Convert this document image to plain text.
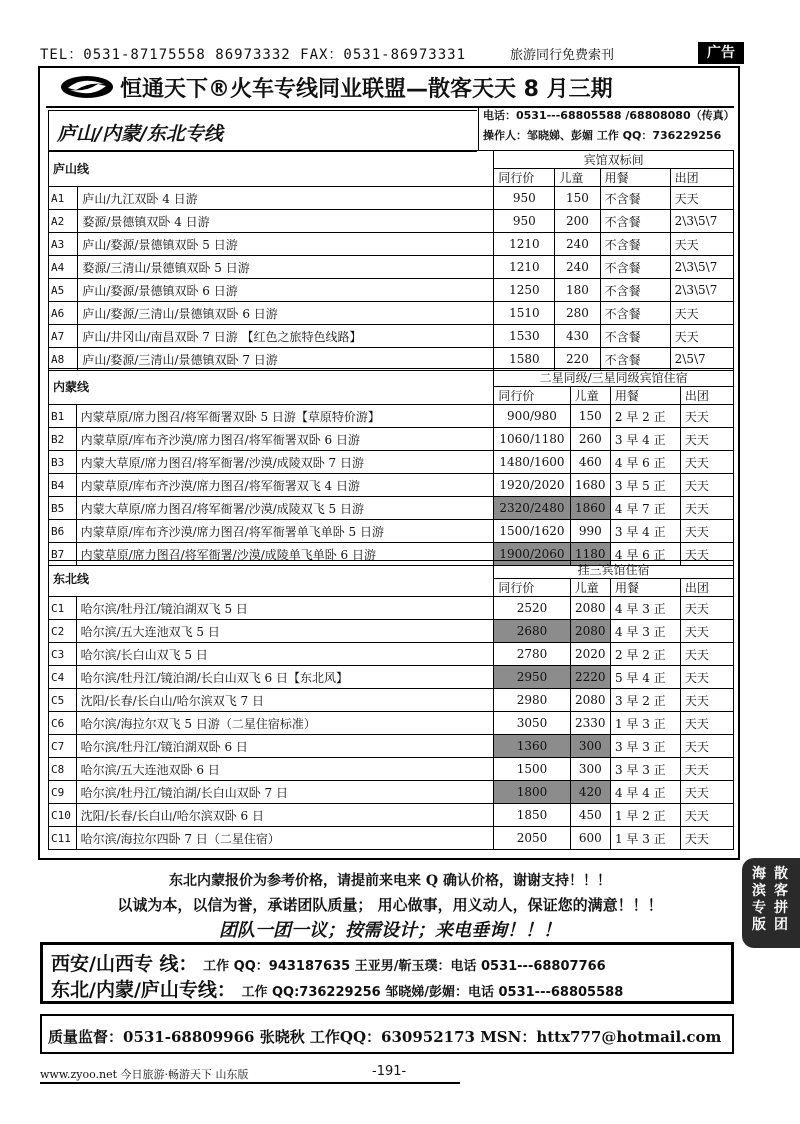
TEL：0531-87175558 86973332 FAX：0531-86973331	旅游同行免费索刊	广告
恒通天下®火车专线同业联盟—散客天天 8 月三期
庐山/内蒙/东北专线
电话：0531---68805588 /68808080（传真）
操作人：邹晓娣、彭媚 工作 QQ：736229256
庐山线		宾馆双标间			
		同行价	儿童	用餐	出团
A1	庐山/九江双卧 4 日游	950	150	不含餐	天天
A2	婺源/景德镇双卧 4 日游	950	200	不含餐	2\3\5\7
A3	庐山/婺源/景德镇双卧 5 日游	1210	240	不含餐	天天
A4	婺源/三清山/景德镇双卧 5 日游	1210	240	不含餐	2\3\5\7
A5	庐山/婺源/景德镇双卧 6 日游	1250	180	不含餐	2\3\5\7
A6	庐山/婺源/三清山/景德镇双卧 6 日游	1510	280	不含餐	天天
A7	庐山/井冈山/南昌双卧 7 日游 【红色之旅特色线路】	1530	430	不含餐	天天
A8	庐山/婺源/三清山/景德镇双卧 7 日游	1580	220	不含餐	2\5\7
内蒙线		二星同级/三星同级宾馆住宿			
		同行价	儿童	用餐	出团
B1	内蒙草原/席力图召/将军衙署双卧 5 日游【草原特价游】	900/980	150	2 早 2 正	天天
B2	内蒙草原/库布齐沙漠/席力图召/将军衙署双卧 6 日游	1060/1180	260	3 早 4 正	天天
B3	内蒙大草原/席力图召/将军衙署/沙漠/成陵双卧 7 日游	1480/1600	460	4 早 6 正	天天
B4	内蒙草原/库布齐沙漠/席力图召/将军衙署双飞 4 日游	1920/2020	1680	3 早 5 正	天天
B5	内蒙大草原/席力图召/将军衙署/沙漠/成陵双飞 5 日游	2320/2480	1860	4 早 7 正	天天
B6	内蒙草原/库布齐沙漠/席力图召/将军衙署单飞单卧 5 日游	1500/1620	990	3 早 4 正	天天
B7	内蒙草原/席力图召/将军衙署/沙漠/成陵单飞单卧 6 日游	1900/2060	1180	4 早 6 正	天天
东北线		挂三宾馆住宿			
		同行价	儿童	用餐	出团
C1	哈尔滨/牡丹江/镜泊湖双飞 5 日	2520	2080	4 早 3 正	天天
C2	哈尔滨/五大连池双飞 5 日	2680	2080	4 早 3 正	天天
C3	哈尔滨/长白山双飞 5 日	2780	2020	2 早 2 正	天天
C4	哈尔滨/牡丹江/镜泊湖/长白山双飞 6 日【东北风】	2950	2220	5 早 4 正	天天
C5	沈阳/长春/长白山/哈尔滨双飞 7 日	2980	2080	3 早 2 正	天天
C6	哈尔滨/海拉尔双飞 5 日游（二星住宿标准）	3050	2330	1 早 3 正	天天
C7	哈尔滨/牡丹江/镜泊湖双卧 6 日	1360	300	3 早 3 正	天天
C8	哈尔滨/五大连池双卧 6 日	1500	300	3 早 3 正	天天
C9	哈尔滨/牡丹江/镜泊湖/长白山双卧 7 日	1800	420	4 早 4 正	天天
C10	沈阳/长春/长白山/哈尔滨双卧 6 日	1850	450	1 早 2 正	天天
C11	哈尔滨/海拉尔四卧 7 日（二星住宿）	2050	600	1 早 3 正	天天
东北内蒙报价为参考价格，请提前来电来 Q 确认价格，谢谢支持！！！
以诚为本，以信为誉，承诺团队质量； 用心做事，用义动人，保证您的满意！！！
团队一团一议；按需设计；来电垂询！！！
西安/山西专 线： 工作 QQ：943187635 王亚男/靳玉璞：电话 0531---68807766
东北/内蒙/庐山专线： 工作 QQ:736229256 邹晓娣/彭媚：电话 0531---68805588
质量监督：0531-68809966 张晓秋 工作QQ：630952173 MSN：httx777@hotmail.com
www.zyoo.net 今日旅游·畅游天下 山东版	-191-
海滨专版
散客拼团
